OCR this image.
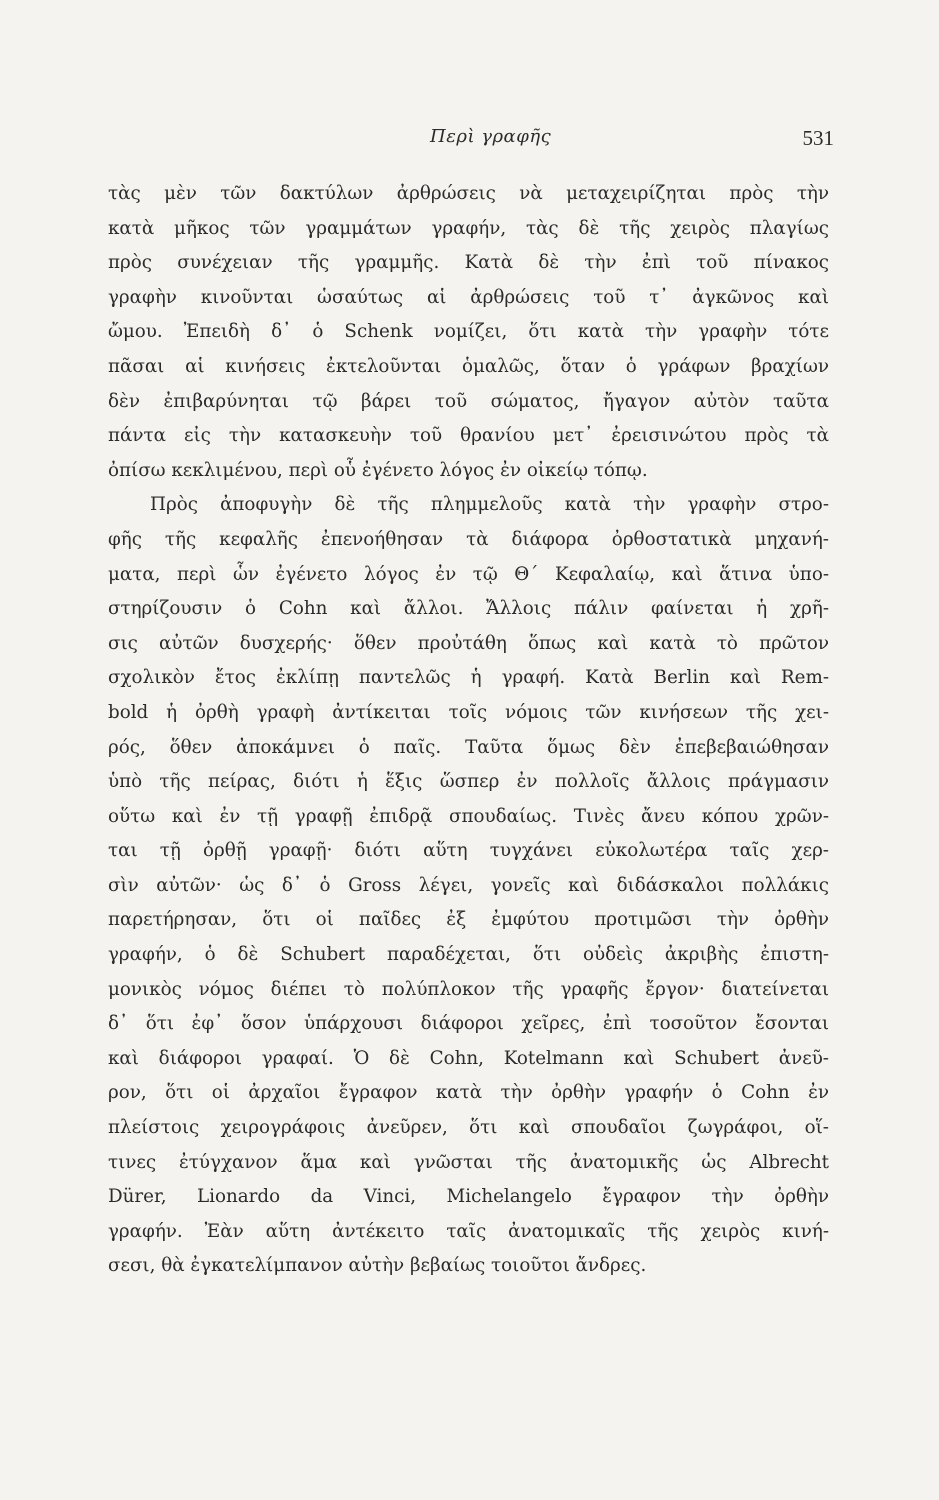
Περὶ γραφῆς	531
τὰς μὲν τῶν δακτύλων ἀρθρώσεις νὰ μεταχειρίζηται πρὸς τὴν
κατὰ μῆκος τῶν γραμμάτων γραφήν, τὰς δὲ τῆς χειρὸς πλαγίως
πρὸς συνέχειαν τῆς γραμμῆς. Κατὰ δὲ τὴν ἐπὶ τοῦ πίνακος
γραφὴν κινοῦνται ὡσαύτως αἱ ἀρθρώσεις τοῦ τ᾽ ἀγκῶνος καὶ
ὤμου. Ἐπειδὴ δ᾽ ὁ Schenk νομίζει, ὅτι κατὰ τὴν γραφὴν τότε
πᾶσαι αἱ κινήσεις ἐκτελοῦνται ὁμαλῶς, ὅταν ὁ γράφων βραχίων
δὲν ἐπιβαρύνηται τῷ βάρει τοῦ σώματος, ἤγαγον αὐτὸν ταῦτα
πάντα εἰς τὴν κατασκευὴν τοῦ θρανίου μετ᾽ ἐρεισινώτου πρὸς τὰ
ὀπίσω κεκλιμένου, περὶ οὗ ἐγένετο λόγος ἐν οἰκείῳ τόπῳ.
Πρὸς ἀποφυγὴν δὲ τῆς πλημμελοῦς κατὰ τὴν γραφὴν στρο-
φῆς τῆς κεφαλῆς ἐπενοήθησαν τὰ διάφορα ὀρθοστατικὰ μηχανή-
ματα, περὶ ὧν ἐγένετο λόγος ἐν τῷ Θ΄ Κεφαλαίῳ, καὶ ἅτινα ὑπο-
στηρίζουσιν ὁ Cohn καὶ ἄλλοι. Ἄλλοις πάλιν φαίνεται ἡ χρῆ-
σις αὐτῶν δυσχερής· ὅθεν προὐτάθη ὅπως καὶ κατὰ τὸ πρῶτον
σχολικὸν ἔτος ἐκλίπῃ παντελῶς ἡ γραφή. Κατὰ Berlin καὶ Rem-
bold ἡ ὀρθὴ γραφὴ ἀντίκειται τοῖς νόμοις τῶν κινήσεων τῆς χει-
ρός, ὅθεν ἀποκάμνει ὁ παῖς. Ταῦτα ὅμως δὲν ἐπεβεβαιώθησαν
ὑπὸ τῆς πείρας, διότι ἡ ἕξις ὥσπερ ἐν πολλοῖς ἄλλοις πράγμασιν
οὕτω καὶ ἐν τῇ γραφῇ ἐπιδρᾷ σπουδαίως. Τινὲς ἄνευ κόπου χρῶν-
ται τῇ ὀρθῇ γραφῇ· διότι αὕτη τυγχάνει εὐκολωτέρα ταῖς χερ-
σὶν αὐτῶν· ὡς δ᾽ ὁ Gross λέγει, γονεῖς καὶ διδάσκαλοι πολλάκις
παρετήρησαν, ὅτι οἱ παῖδες ἐξ ἐμφύτου προτιμῶσι τὴν ὀρθὴν
γραφήν, ὁ δὲ Schubert παραδέχεται, ὅτι οὐδεὶς ἀκριβὴς ἐπιστη-
μονικὸς νόμος διέπει τὸ πολύπλοκον τῆς γραφῆς ἔργον· διατείνεται
δ᾽ ὅτι ἐφ᾽ ὅσον ὑπάρχουσι διάφοροι χεῖρες, ἐπὶ τοσοῦτον ἔσονται
καὶ διάφοροι γραφαί. Ὁ δὲ Cohn, Kotelmann καὶ Schubert ἀνεῦ-
ρον, ὅτι οἱ ἀρχαῖοι ἔγραφον κατὰ τὴν ὀρθὴν γραφήν ὁ Cohn ἐν
πλείστοις χειρογράφοις ἀνεῦρεν, ὅτι καὶ σπουδαῖοι ζωγράφοι, οἵ-
τινες ἐτύγχανον ἅμα καὶ γνῶσται τῆς ἀνατομικῆς ὡς Albrecht
Dürer, Lionardo da Vinci, Michelangelo ἔγραφον τὴν ὀρθὴν
γραφήν. Ἐὰν αὕτη ἀντέκειτο ταῖς ἀνατομικαῖς τῆς χειρὸς κινή-
σεσι, θὰ ἐγκατελίμπανον αὐτὴν βεβαίως τοιοῦτοι ἄνδρες.
